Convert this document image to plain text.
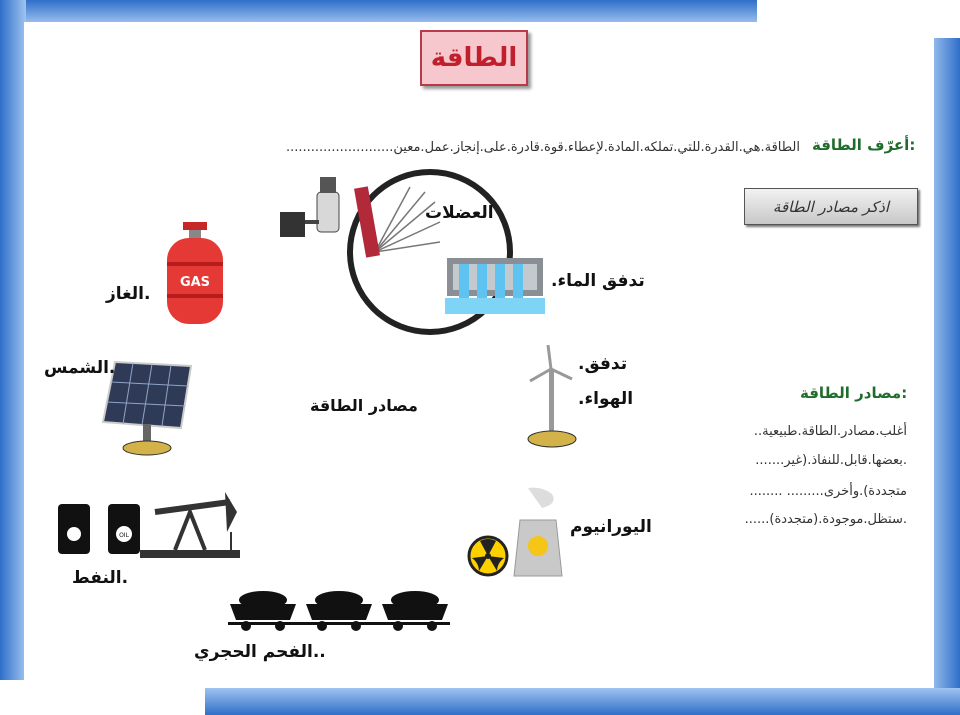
الطاقة
أعرّف الطاقة:
الطاقة.هي.القدرة.للتي.تملكه.المادة.لإعطاء.قوة.قادرة.على.إنجاز.عمل.معين..........................
اذكر مصادر الطاقة
العضلات
GAS
.الغاز
تدفق الماء.
.الشمس
مصادر الطاقة
تدفق.
الهواء.
اليورانيوم
OIL
.النفط
..الفحم الحجري
مصادر الطاقة:
أغلب.مصادر.الطاقة.طبيعية..
.بعضها.قابل.للنفاذ.(غير.......
متجددة).وأخرى......... ........
.ستظل.موجودة.(متجددة)......
